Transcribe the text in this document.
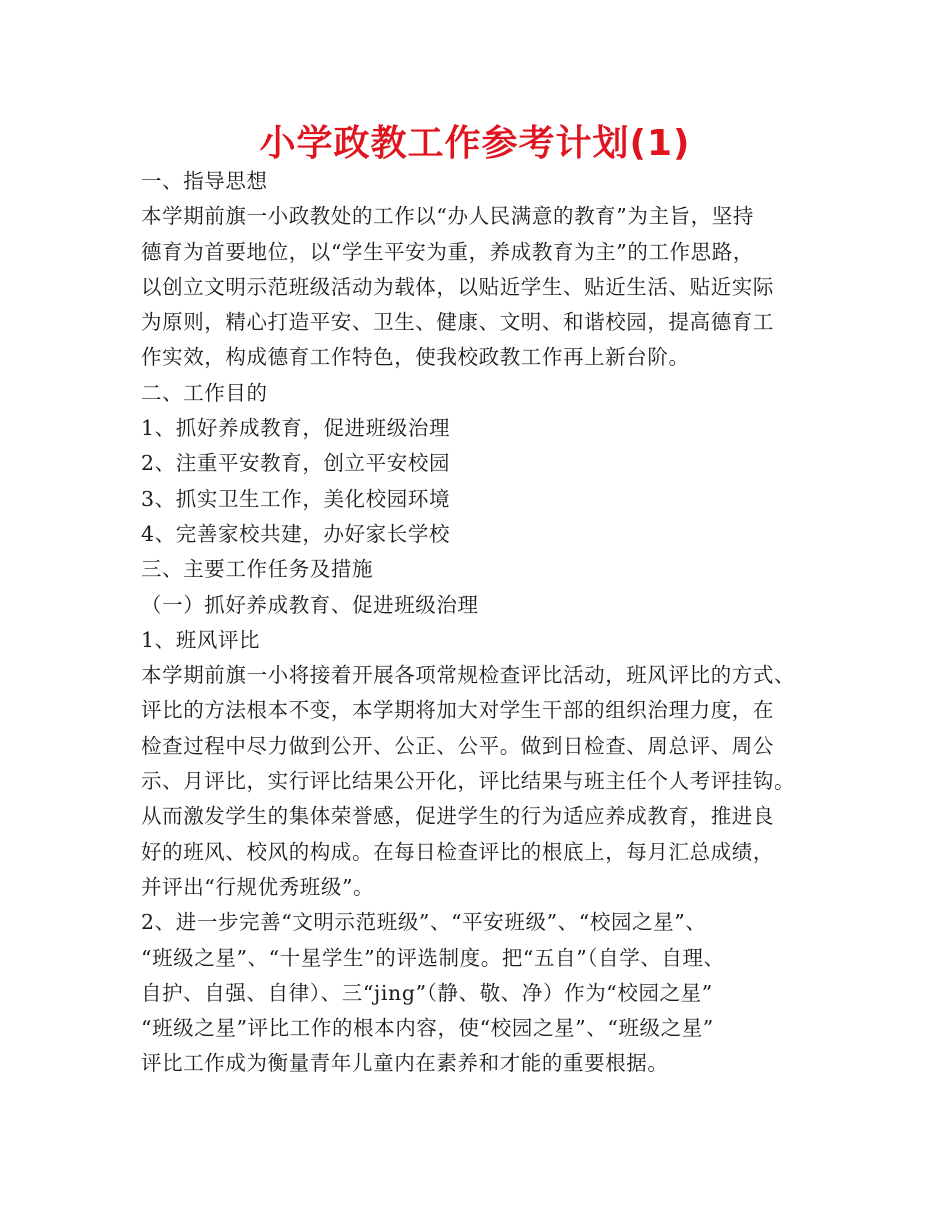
小学政教工作参考计划(1)
一、指导思想
本学期前旗一小政教处的工作以“办人民满意的教育”为主旨，坚持
德育为首要地位，以“学生平安为重，养成教育为主”的工作思路，
以创立文明示范班级活动为载体，以贴近学生、贴近生活、贴近实际
为原则，精心打造平安、卫生、健康、文明、和谐校园，提高德育工
作实效，构成德育工作特色，使我校政教工作再上新台阶。
二、工作目的
1、抓好养成教育，促进班级治理
2、注重平安教育，创立平安校园
3、抓实卫生工作，美化校园环境
4、完善家校共建，办好家长学校
三、主要工作任务及措施
（一）抓好养成教育、促进班级治理
1、班风评比
本学期前旗一小将接着开展各项常规检查评比活动，班风评比的方式、
评比的方法根本不变，本学期将加大对学生干部的组织治理力度，在
检查过程中尽力做到公开、公正、公平。做到日检查、周总评、周公
示、月评比，实行评比结果公开化，评比结果与班主任个人考评挂钩。
从而激发学生的集体荣誉感，促进学生的行为适应养成教育，推进良
好的班风、校风的构成。在每日检查评比的根底上，每月汇总成绩，
并评出“行规优秀班级”。
2、进一步完善“文明示范班级”、“平安班级”、“校园之星”、
“班级之星”、“十星学生”的评选制度。把“五自”（自学、自理、
自护、自强、自律）、三“jing”（静、敬、净）作为“校园之星”
“班级之星”评比工作的根本内容，使“校园之星”、“班级之星”
评比工作成为衡量青年儿童内在素养和才能的重要根据。
